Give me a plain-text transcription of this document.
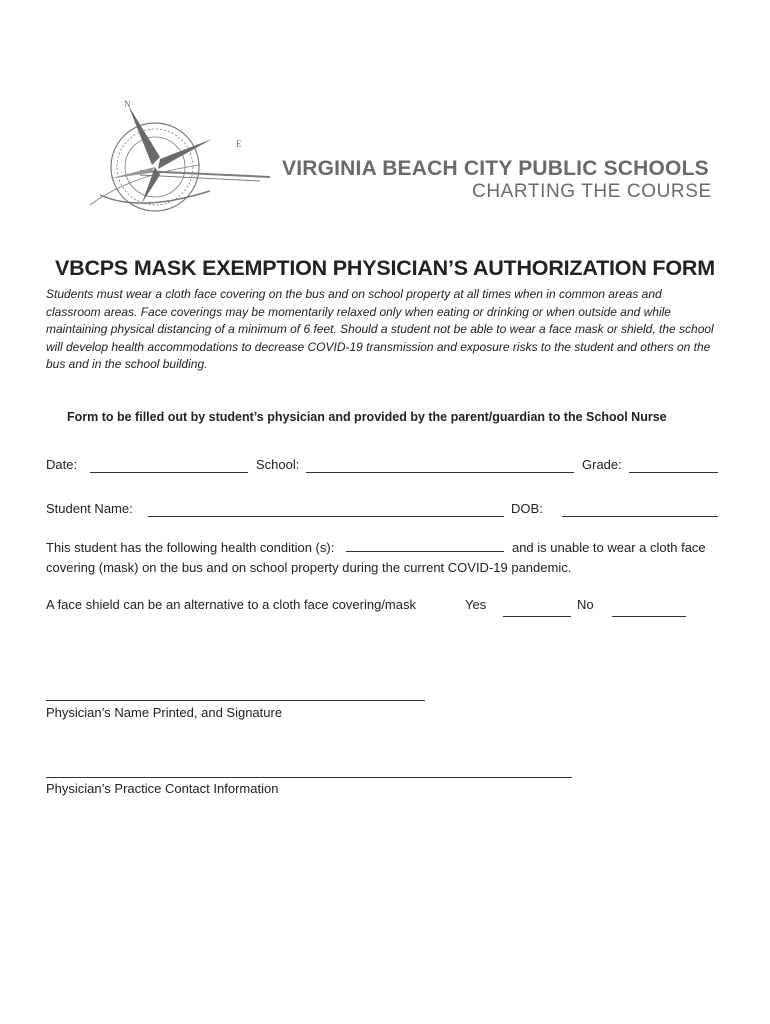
N
E
VIRGINIA BEACH CITY PUBLIC SCHOOLS
CHARTING THE COURSE
VBCPS MASK EXEMPTION PHYSICIAN’S AUTHORIZATION FORM
Students must wear a cloth face covering on the bus and on school property at all times when in common areas and classroom areas. Face coverings may be momentarily relaxed only when eating or drinking or when outside and while maintaining physical distancing of a minimum of 6 feet. Should a student not be able to wear a face mask or shield, the school will develop health accommodations to decrease COVID-19 transmission and exposure risks to the student and others on the bus and in the school building.
Form to be filled out by student’s physician and provided by the parent/guardian to the School Nurse
Date:	School:	Grade:
Student Name:	DOB:
This student has the following health condition (s):	and is unable to wear a cloth face covering (mask) on the bus and on school property during the current COVID-19 pandemic.
A face shield can be an alternative to a cloth face covering/mask	Yes	No
Physician’s Name Printed, and Signature
Physician’s Practice Contact Information
